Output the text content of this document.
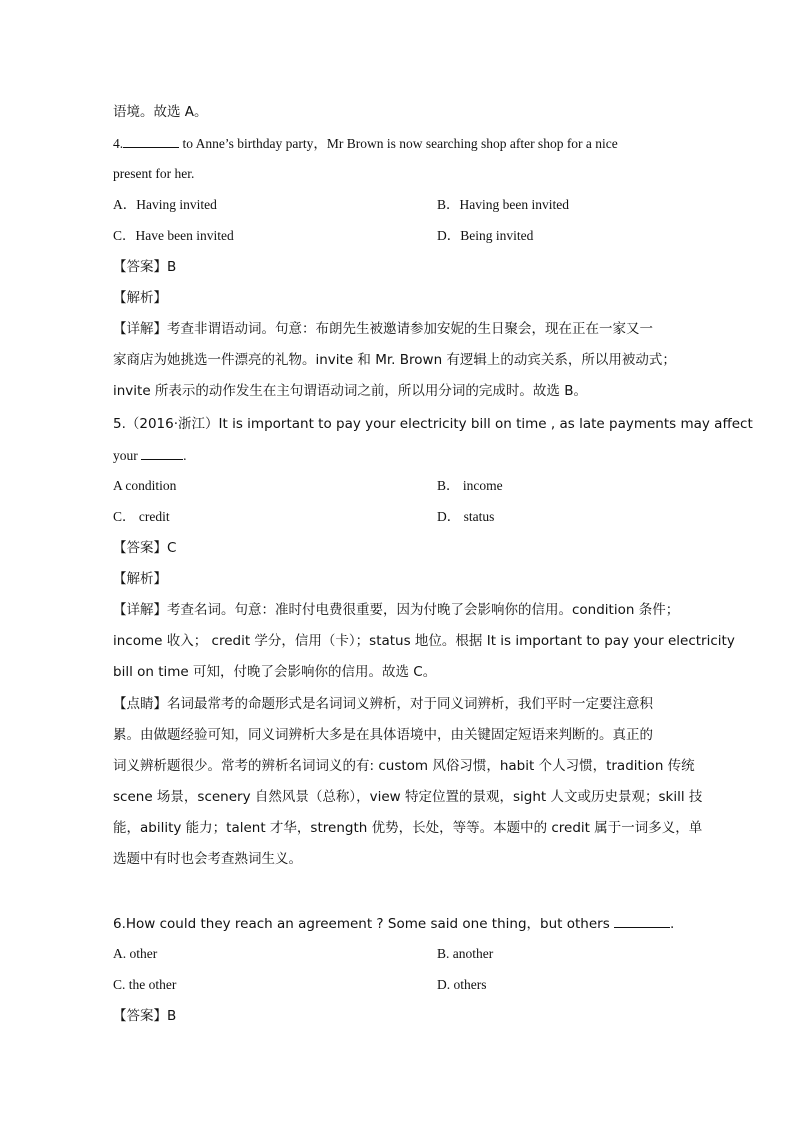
语境。故选 A。
4.	to Anne’s birthday party，Mr Brown is now searching shop after shop for a nice
present for her.
A．Having invited	B．Having been invited
C．Have been invited	D．Being invited
【答案】B
【解析】
【详解】考查非谓语动词。句意：布朗先生被邀请参加安妮的生日聚会，现在正在一家又一
家商店为她挑选一件漂亮的礼物。invite 和 Mr. Brown 有逻辑上的动宾关系，所以用被动式；
invite 所表示的动作发生在主句谓语动词之前，所以用分词的完成时。故选 B。
5.（2016·浙江）It is important to pay your electricity bill on time , as late payments may affect
your	.
A condition	B． income
C． credit	D． status
【答案】C
【解析】
【详解】考查名词。句意：准时付电费很重要，因为付晚了会影响你的信用。condition 条件；
income 收入； credit 学分，信用（卡）；status 地位。根据 It is important to pay your electricity
bill on time 可知，付晚了会影响你的信用。故选 C。
【点睛】名词最常考的命题形式是名词词义辨析，对于同义词辨析，我们平时一定要注意积
累。由做题经验可知，同义词辨析大多是在具体语境中，由关键固定短语来判断的。真正的
词义辨析题很少。常考的辨析名词词义的有: custom 风俗习惯，habit 个人习惯，tradition 传统
scene 场景，scenery 自然风景（总称），view 特定位置的景观，sight 人文或历史景观；skill 技
能，ability 能力；talent 才华，strength 优势，长处，等等。本题中的 credit 属于一词多义，单
选题中有时也会考查熟词生义。
6.How could they reach an agreement ? Some said one thing，but others	.
A. other	B. another
C. the other	D. others
【答案】B
